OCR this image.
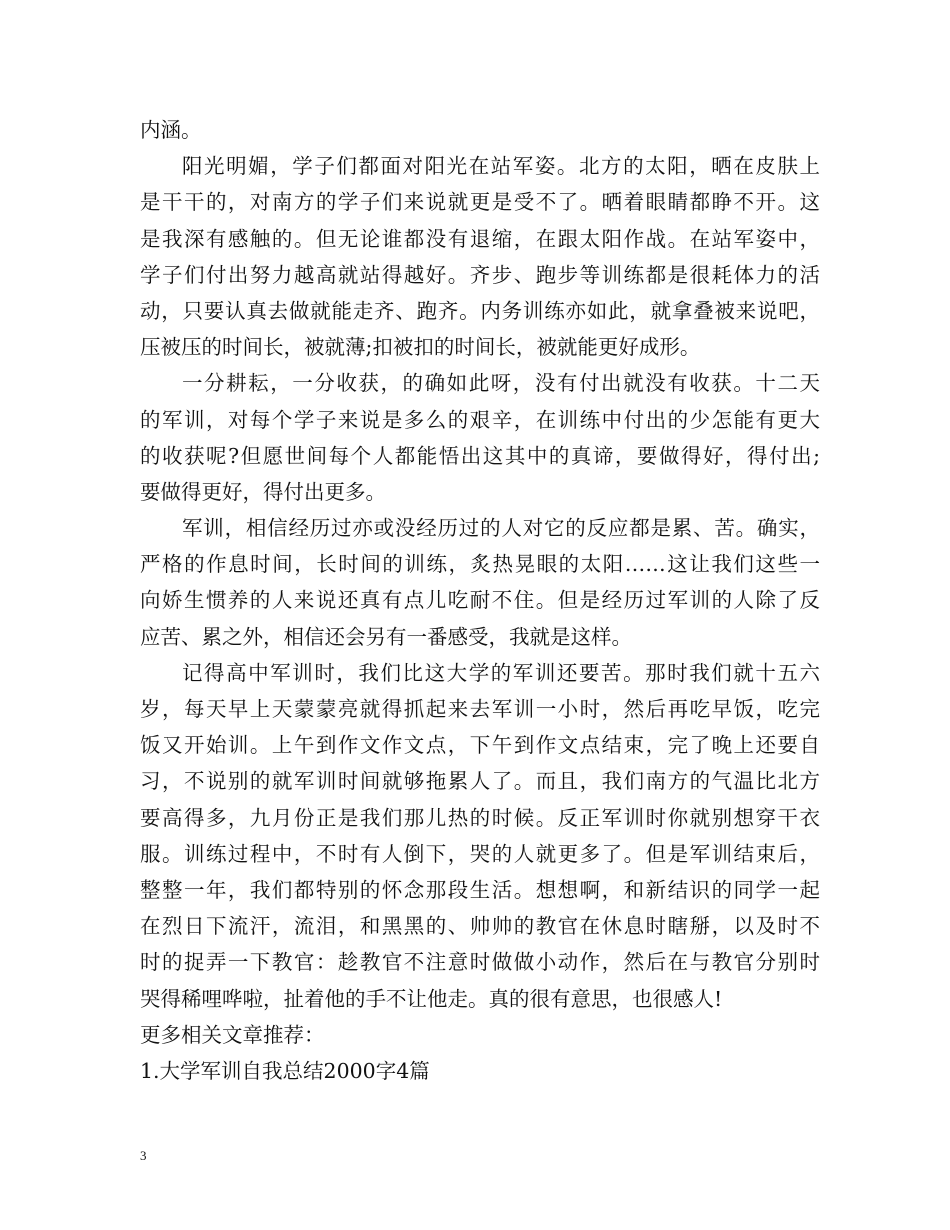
内涵。
阳光明媚，学子们都面对阳光在站军姿。北方的太阳，晒在皮肤上
是干干的，对南方的学子们来说就更是受不了。晒着眼睛都睁不开。这
是我深有感触的。但无论谁都没有退缩，在跟太阳作战。在站军姿中，
学子们付出努力越高就站得越好。齐步、跑步等训练都是很耗体力的活
动，只要认真去做就能走齐、跑齐。内务训练亦如此，就拿叠被来说吧，
压被压的时间长，被就薄;扣被扣的时间长，被就能更好成形。
一分耕耘，一分收获，的确如此呀，没有付出就没有收获。十二天
的军训，对每个学子来说是多么的艰辛，在训练中付出的少怎能有更大
的收获呢?但愿世间每个人都能悟出这其中的真谛，要做得好，得付出;
要做得更好，得付出更多。
军训，相信经历过亦或没经历过的人对它的反应都是累、苦。确实，
严格的作息时间，长时间的训练，炙热晃眼的太阳……这让我们这些一
向娇生惯养的人来说还真有点儿吃耐不住。但是经历过军训的人除了反
应苦、累之外，相信还会另有一番感受，我就是这样。
记得高中军训时，我们比这大学的军训还要苦。那时我们就十五六
岁，每天早上天蒙蒙亮就得抓起来去军训一小时，然后再吃早饭，吃完
饭又开始训。上午到作文作文点，下午到作文点结束，完了晚上还要自
习，不说别的就军训时间就够拖累人了。而且，我们南方的气温比北方
要高得多，九月份正是我们那儿热的时候。反正军训时你就别想穿干衣
服。训练过程中，不时有人倒下，哭的人就更多了。但是军训结束后，
整整一年，我们都特别的怀念那段生活。想想啊，和新结识的同学一起
在烈日下流汗，流泪，和黑黑的、帅帅的教官在休息时瞎掰，以及时不
时的捉弄一下教官：趁教官不注意时做做小动作，然后在与教官分别时
哭得稀哩哗啦，扯着他的手不让他走。真的很有意思，也很感人!
更多相关文章推荐：
1.大学军训自我总结2000字4篇
3
